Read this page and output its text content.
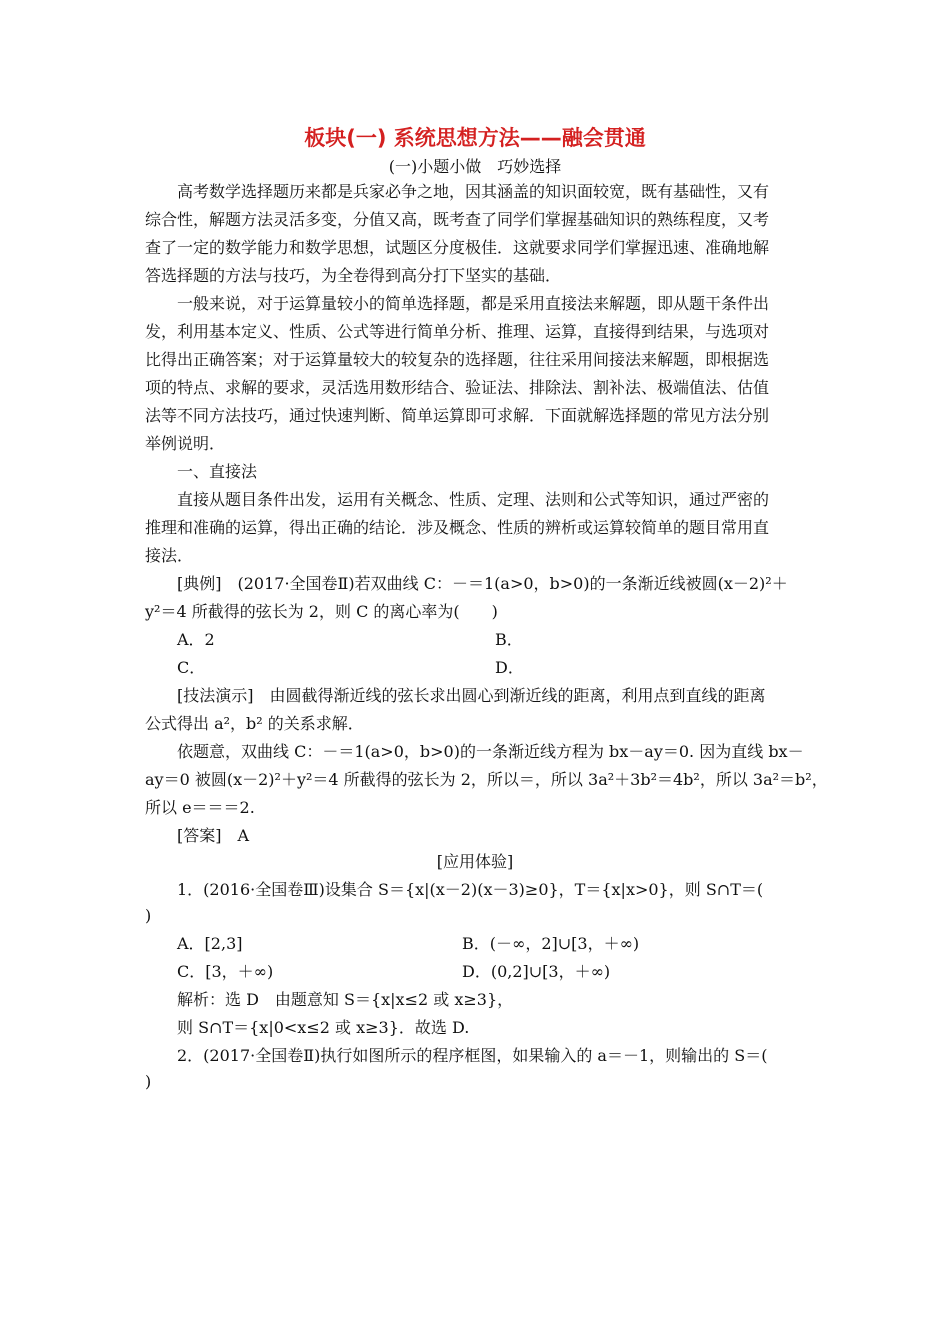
板块(一) 系统思想方法——融会贯通
(一)小题小做　巧妙选择
　　高考数学选择题历来都是兵家必争之地，因其涵盖的知识面较宽，既有基础性，又有
综合性，解题方法灵活多变，分值又高，既考查了同学们掌握基础知识的熟练程度，又考
查了一定的数学能力和数学思想，试题区分度极佳．这就要求同学们掌握迅速、准确地解
答选择题的方法与技巧，为全卷得到高分打下坚实的基础．
　　一般来说，对于运算量较小的简单选择题，都是采用直接法来解题，即从题干条件出
发，利用基本定义、性质、公式等进行简单分析、推理、运算，直接得到结果，与选项对
比得出正确答案；对于运算量较大的较复杂的选择题，往往采用间接法来解题，即根据选
项的特点、求解的要求，灵活选用数形结合、验证法、排除法、割补法、极端值法、估值
法等不同方法技巧，通过快速判断、简单运算即可求解．下面就解选择题的常见方法分别
举例说明．
　　一、直接法
　　直接从题目条件出发，运用有关概念、性质、定理、法则和公式等知识，通过严密的
推理和准确的运算，得出正确的结论．涉及概念、性质的辨析或运算较简单的题目常用直
接法．
　　[典例]　(2017·全国卷Ⅱ)若双曲线 C：－＝1(a>0，b>0)的一条渐近线被圆(x－2)²＋
y²＝4 所截得的弦长为 2，则 C 的离心率为(　　)
　　A．2	B．
　　C．	D．
　　[技法演示]　由圆截得渐近线的弦长求出圆心到渐近线的距离，利用点到直线的距离
公式得出 a²，b² 的关系求解．
　　依题意，双曲线 C：－＝1(a>0，b>0)的一条渐近线方程为 bx－ay＝0. 因为直线 bx－
ay＝0 被圆(x－2)²＋y²＝4 所截得的弦长为 2，所以＝，所以 3a²＋3b²＝4b²，所以 3a²＝b²，
所以 e＝＝＝2.
　　[答案]　A
[应用体验]
　　1．(2016·全国卷Ⅲ)设集合 S＝{x|(x－2)(x－3)≥0}，T＝{x|x>0}，则 S∩T＝(
)
　　A．[2,3]	B．(－∞，2]∪[3，＋∞)
　　C．[3，＋∞)	D．(0,2]∪[3，＋∞)
　　解析：选 D　由题意知 S＝{x|x≤2 或 x≥3}，
　　则 S∩T＝{x|0<x≤2 或 x≥3}．故选 D.
　　2．(2017·全国卷Ⅱ)执行如图所示的程序框图，如果输入的 a＝－1，则输出的 S＝(
)
